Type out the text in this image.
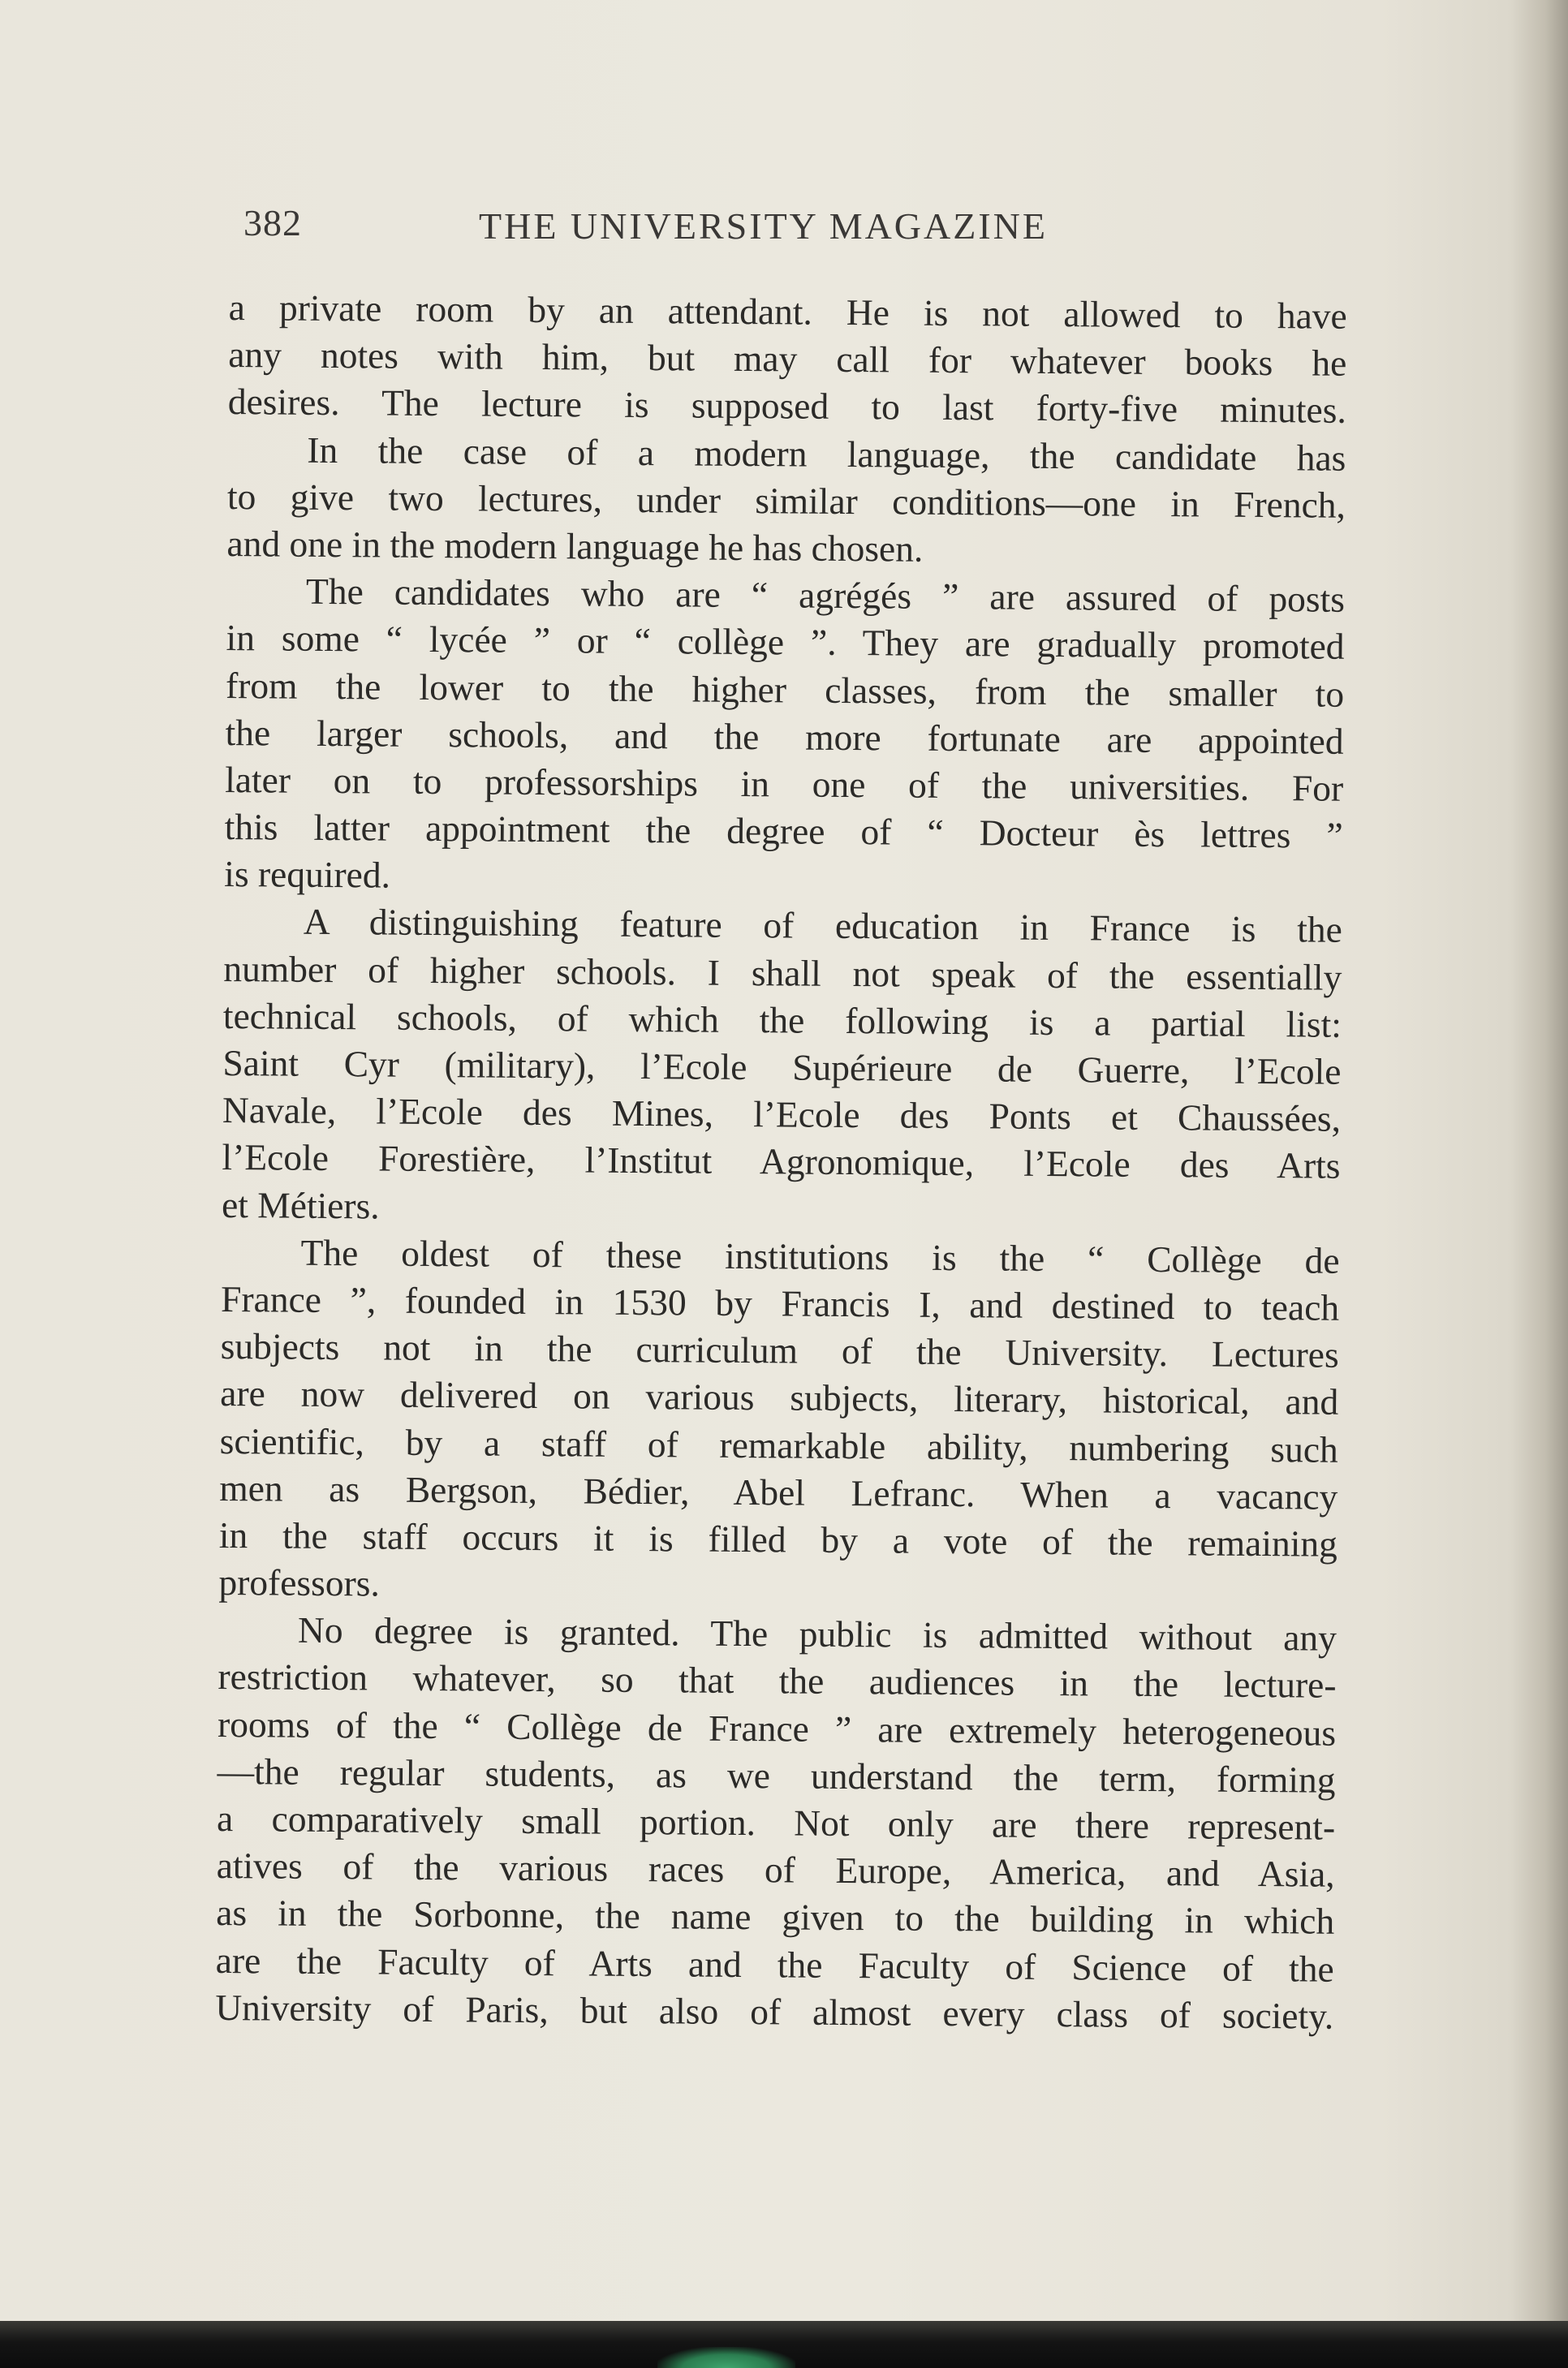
382	THE UNIVERSITY MAGAZINE
a private room by an attendant. He is not allowed to have
any notes with him, but may call for whatever books he
desires. The lecture is supposed to last forty-five minutes.
In the case of a modern language, the candidate has
to give two lectures, under similar conditions—one in French,
and one in the modern language he has chosen.
The candidates who are “ agrégés ” are assured of posts
in some “ lycée ” or “ collège ”. They are gradually promoted
from the lower to the higher classes, from the smaller to
the larger schools, and the more fortunate are appointed
later on to professorships in one of the universities. For
this latter appointment the degree of “ Docteur ès lettres ”
is required.
A distinguishing feature of education in France is the
number of higher schools. I shall not speak of the essentially
technical schools, of which the following is a partial list:
Saint Cyr (military), l’Ecole Supérieure de Guerre, l’Ecole
Navale, l’Ecole des Mines, l’Ecole des Ponts et Chaussées,
l’Ecole Forestière, l’Institut Agronomique, l’Ecole des Arts
et Métiers.
The oldest of these institutions is the “ Collège de
France ”, founded in 1530 by Francis I, and destined to teach
subjects not in the curriculum of the University. Lectures
are now delivered on various subjects, literary, historical, and
scientific, by a staff of remarkable ability, numbering such
men as Bergson, Bédier, Abel Lefranc. When a vacancy
in the staff occurs it is filled by a vote of the remaining
professors.
No degree is granted. The public is admitted without any
restriction whatever, so that the audiences in the lecture-
rooms of the “ Collège de France ” are extremely heterogeneous
—the regular students, as we understand the term, forming
a comparatively small portion. Not only are there represent-
atives of the various races of Europe, America, and Asia,
as in the Sorbonne, the name given to the building in which
are the Faculty of Arts and the Faculty of Science of the
University of Paris, but also of almost every class of society.
